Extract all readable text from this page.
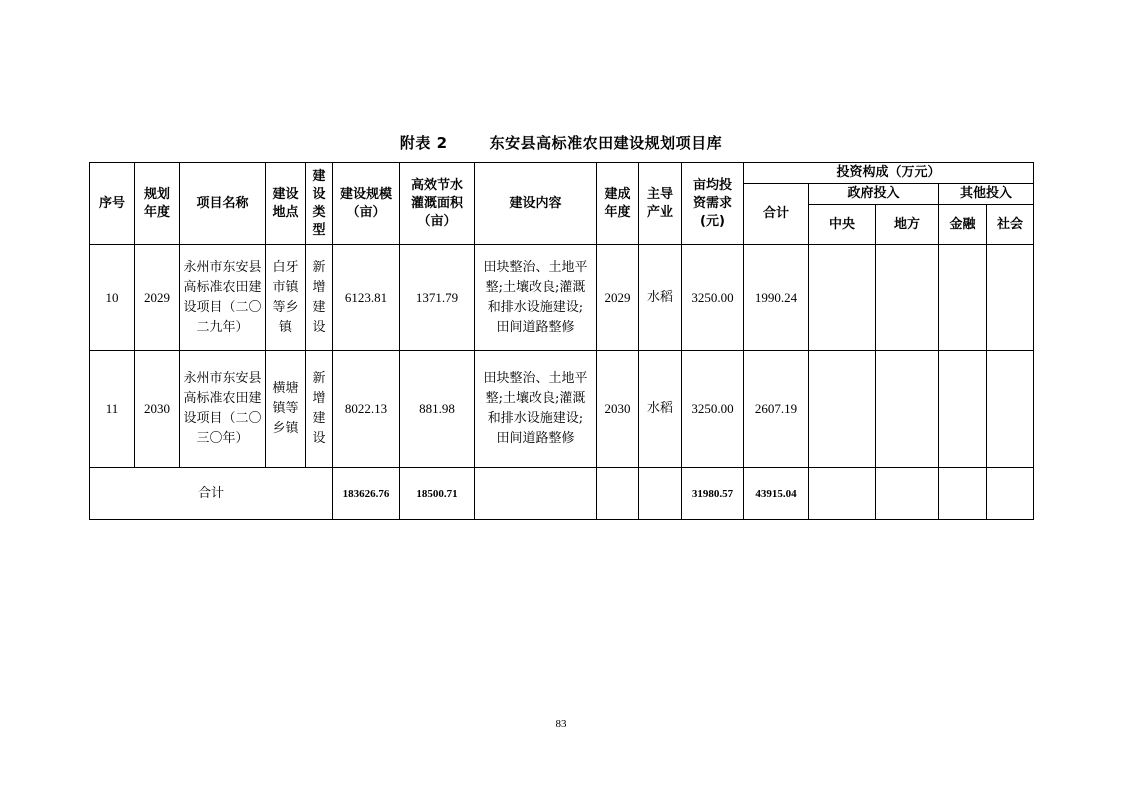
附表 2	东安县高标准农田建设规划项目库
序号	规划年度	项目名称	建设地点	建设类型	建设规模（亩）	高效节水灌溉面积（亩）	建设内容	建成年度	主导产业	亩均投资需求(元)	投资构成（万元）				
											合计	政府投入		其他投入	
												中央	地方	金融	社会
10	2029	永州市东安县高标准农田建设项目（二〇二九年）	白牙市镇等乡镇	新增建设	6123.81	1371.79	田块整治、土地平整;土壤改良;灌溉和排水设施建设;田间道路整修	2029	水稻	3250.00	1990.24				
11	2030	永州市东安县高标准农田建设项目（二〇三〇年）	横塘镇等乡镇	新增建设	8022.13	881.98	田块整治、土地平整;土壤改良;灌溉和排水设施建设;田间道路整修	2030	水稻	3250.00	2607.19				
合计					183626.76	18500.71				31980.57	43915.04				
83
